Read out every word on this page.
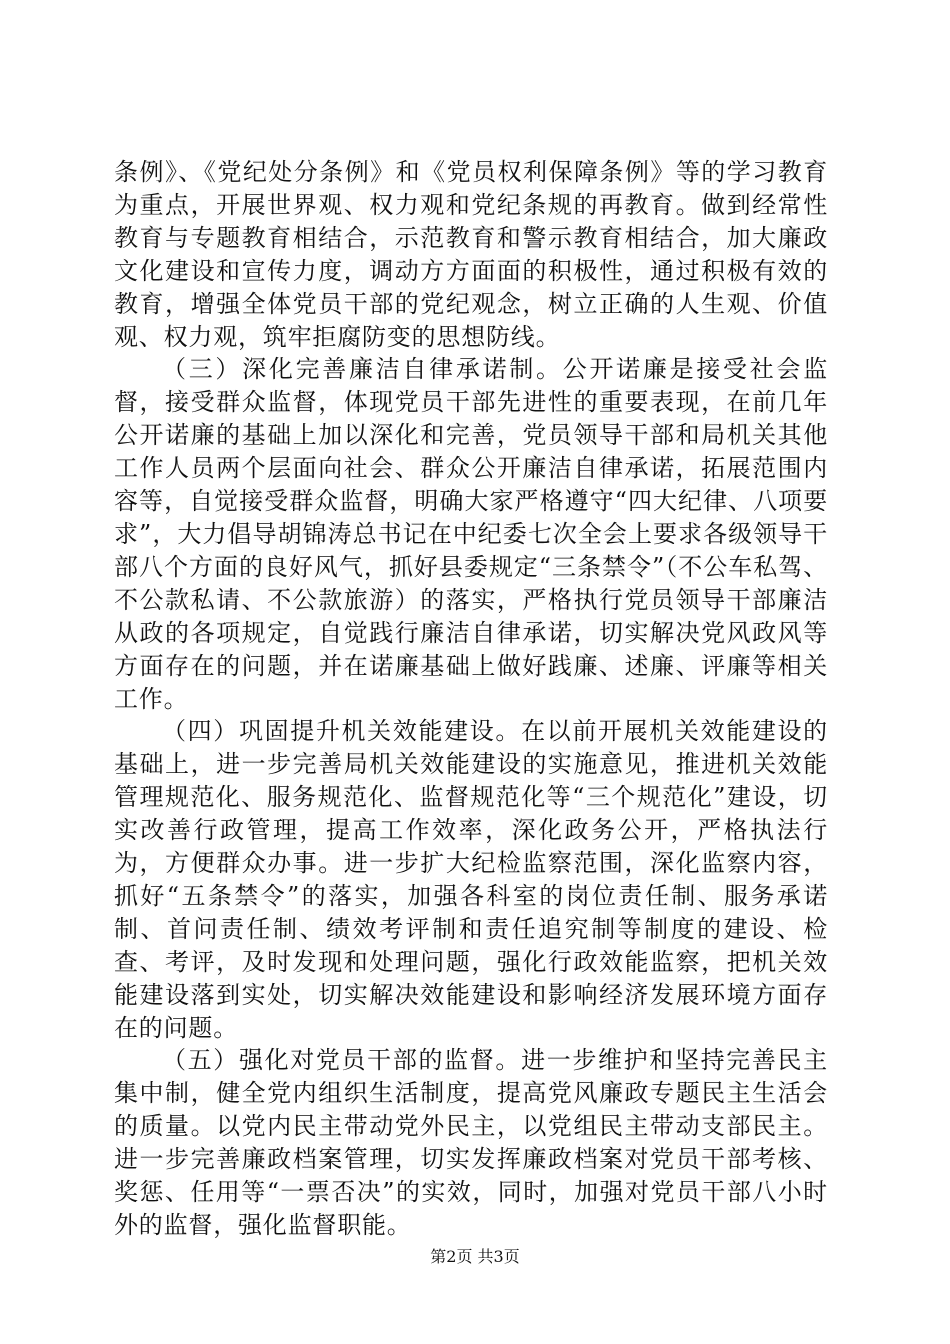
条例》、《党纪处分条例》和《党员权利保障条例》等的学习教育为重点，开展世界观、权力观和党纪条规的再教育。做到经常性教育与专题教育相结合，示范教育和警示教育相结合，加大廉政文化建设和宣传力度，调动方方面面的积极性，通过积极有效的教育，增强全体党员干部的党纪观念，树立正确的人生观、价值观、权力观，筑牢拒腐防变的思想防线。

（三）深化完善廉洁自律承诺制。公开诺廉是接受社会监督，接受群众监督，体现党员干部先进性的重要表现，在前几年公开诺廉的基础上加以深化和完善，党员领导干部和局机关其他工作人员两个层面向社会、群众公开廉洁自律承诺，拓展范围内容等，自觉接受群众监督，明确大家严格遵守“四大纪律、八项要求”，大力倡导胡锦涛总书记在中纪委七次全会上要求各级领导干部八个方面的良好风气，抓好县委规定“三条禁令”（不公车私驾、不公款私请、不公款旅游）的落实，严格执行党员领导干部廉洁从政的各项规定，自觉践行廉洁自律承诺，切实解决党风政风等方面存在的问题，并在诺廉基础上做好践廉、述廉、评廉等相关工作。

（四）巩固提升机关效能建设。在以前开展机关效能建设的基础上，进一步完善局机关效能建设的实施意见，推进机关效能管理规范化、服务规范化、监督规范化等“三个规范化”建设，切实改善行政管理，提高工作效率，深化政务公开，严格执法行为，方便群众办事。进一步扩大纪检监察范围，深化监察内容，抓好“五条禁令”的落实，加强各科室的岗位责任制、服务承诺制、首问责任制、绩效考评制和责任追究制等制度的建设、检查、考评，及时发现和处理问题，强化行政效能监察，把机关效能建设落到实处，切实解决效能建设和影响经济发展环境方面存在的问题。

（五）强化对党员干部的监督。进一步维护和坚持完善民主集中制，健全党内组织生活制度，提高党风廉政专题民主生活会的质量。以党内民主带动党外民主，以党组民主带动支部民主。进一步完善廉政档案管理，切实发挥廉政档案对党员干部考核、奖惩、任用等“一票否决”的实效，同时，加强对党员干部八小时外的监督，强化监督职能。

第2页 共3页
